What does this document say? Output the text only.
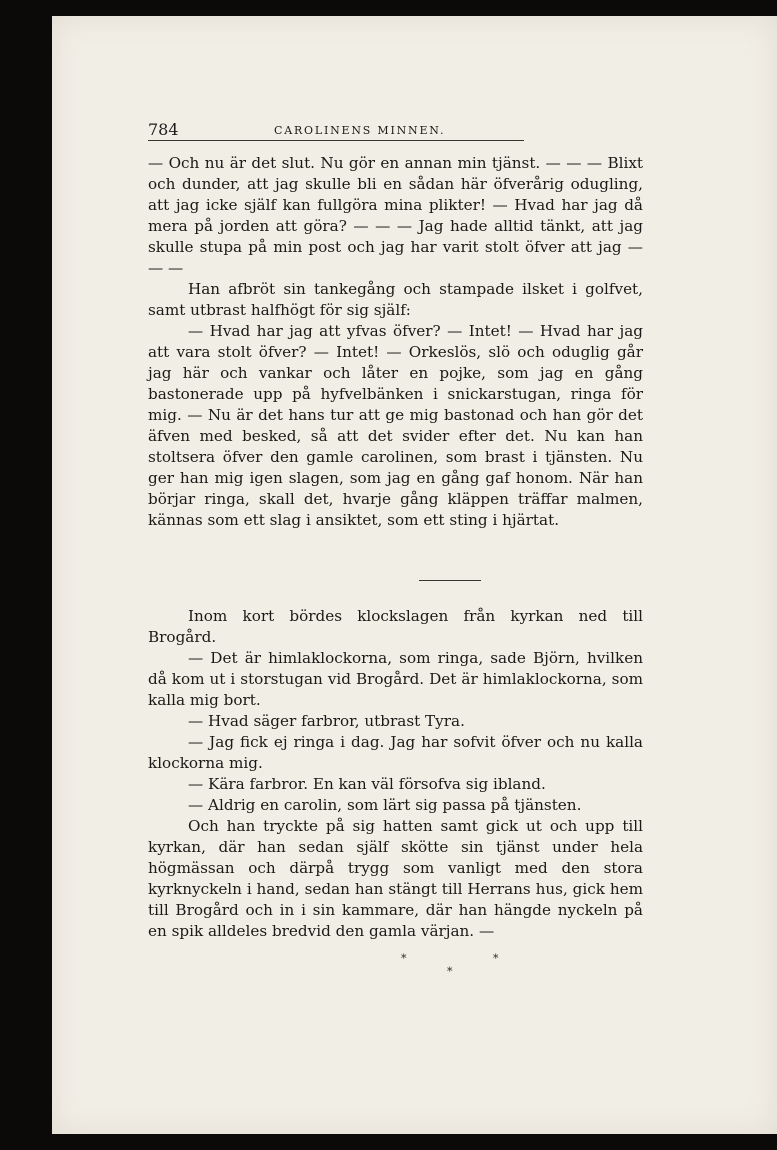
784	CAROLINENS MINNEN.

— Och nu är det slut. Nu gör en annan min tjänst. — — — Blixt och dunder, att jag skulle bli en sådan här öfverårig odugling, att jag icke själf kan fullgöra mina plikter! — Hvad har jag då mera på jorden att göra? — — — Jag hade alltid tänkt, att jag skulle stupa på min post och jag har varit stolt öfver att jag — — —

Han afbröt sin tankegång och stampade ilsket i golfvet, samt utbrast halfhögt för sig själf:

— Hvad har jag att yfvas öfver? — Intet! — Hvad har jag att vara stolt öfver? — Intet! — Orkeslös, slö och oduglig går jag här och vankar och låter en pojke, som jag en gång bastonerade upp på hyfvelbänken i snickarstugan, ringa för mig. — Nu är det hans tur att ge mig bastonad och han gör det äfven med besked, så att det svider efter det. Nu kan han stoltsera öfver den gamle carolinen, som brast i tjänsten. Nu ger han mig igen slagen, som jag en gång gaf honom. När han börjar ringa, skall det, hvarje gång kläppen träffar malmen, kännas som ett slag i ansiktet, som ett sting i hjärtat.

Inom kort bördes klockslagen från kyrkan ned till Brogård.

— Det är himlaklockorna, som ringa, sade Björn, hvilken då kom ut i storstugan vid Brogård. Det är himlaklockorna, som kalla mig bort.

— Hvad säger farbror, utbrast Tyra.

— Jag fick ej ringa i dag. Jag har sofvit öfver och nu kalla klockorna mig.

— Kära farbror. En kan väl försofva sig ibland.

— Aldrig en carolin, som lärt sig passa på tjänsten.

Och han tryckte på sig hatten samt gick ut och upp till kyrkan, där han sedan själf skötte sin tjänst under hela högmässan och därpå trygg som vanligt med den stora kyrknyckeln i hand, sedan han stängt till Herrans hus, gick hem till Brogård och in i sin kammare, där han hängde nyckeln på en spik alldeles bredvid den gamla värjan. —

*	*
*
